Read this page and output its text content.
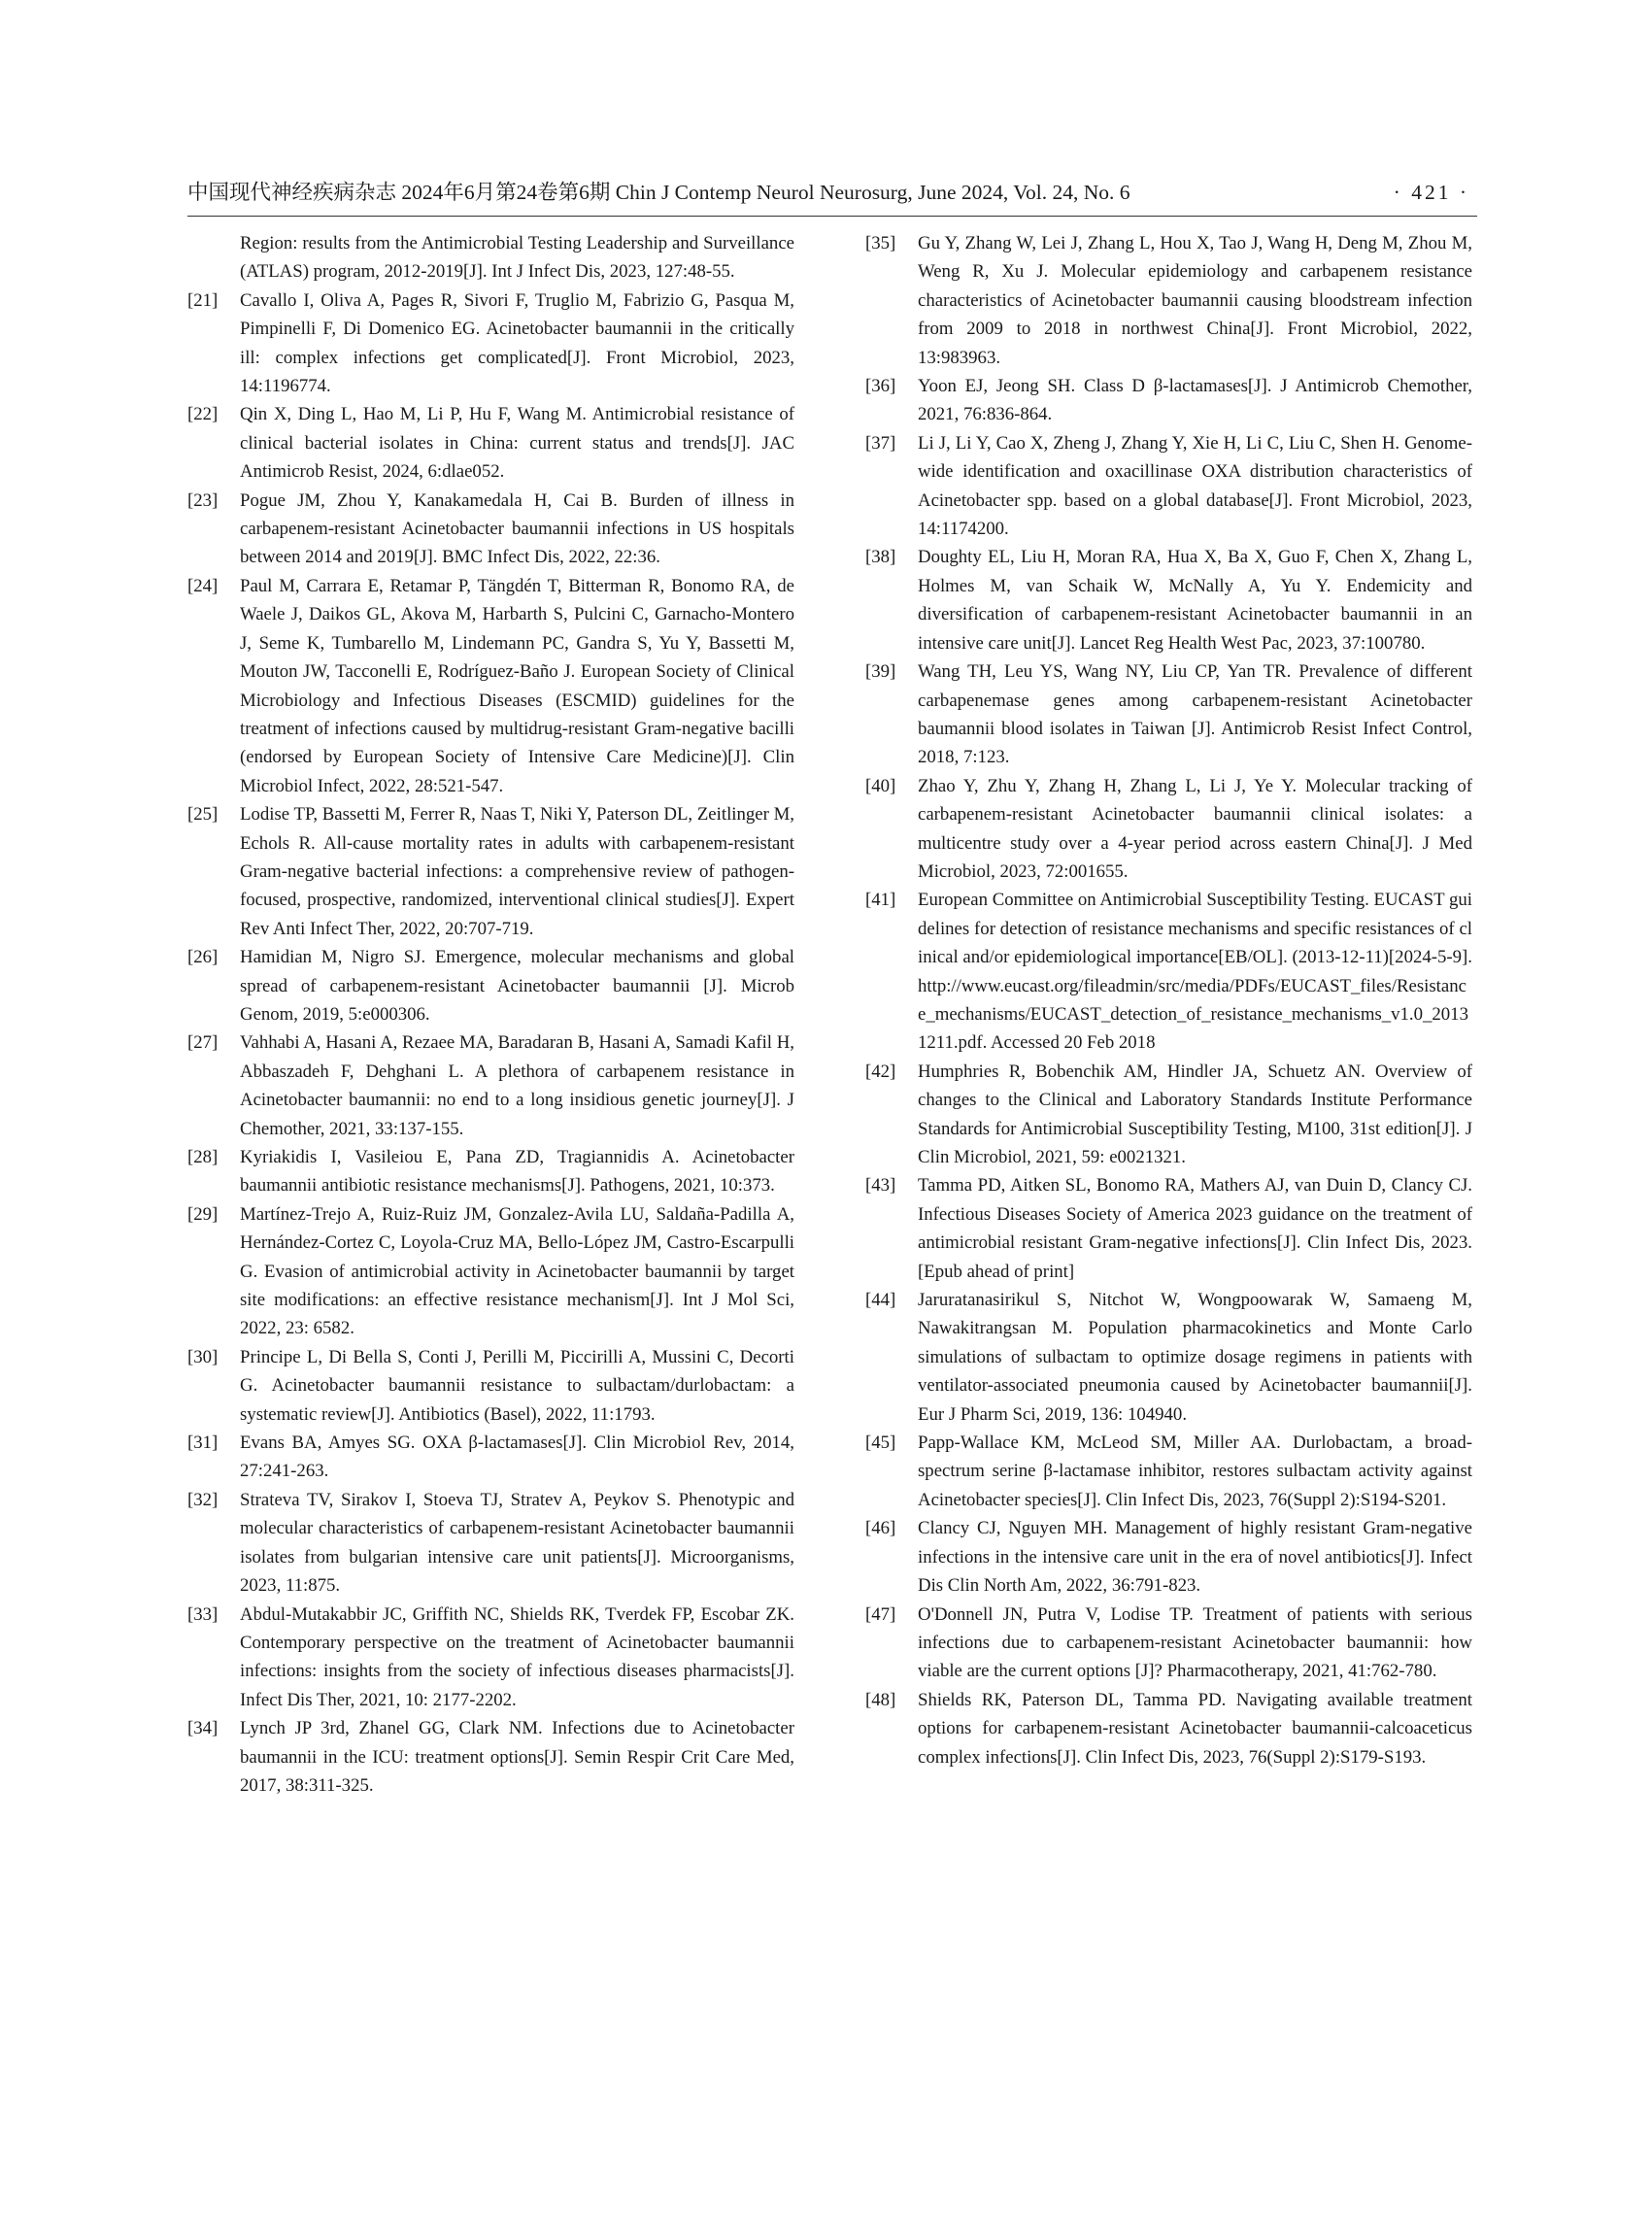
中国现代神经疾病杂志 2024年6月第24卷第6期 Chin J Contemp Neurol Neurosurg, June 2024, Vol. 24, No. 6	· 421 ·
Region: results from the Antimicrobial Testing Leadership and Surveillance (ATLAS) program, 2012-2019[J]. Int J Infect Dis, 2023, 127:48-55.
[21]	Cavallo I, Oliva A, Pages R, Sivori F, Truglio M, Fabrizio G, Pasqua M, Pimpinelli F, Di Domenico EG. Acinetobacter baumannii in the critically ill: complex infections get complicated[J]. Front Microbiol, 2023, 14:1196774.
[22]	Qin X, Ding L, Hao M, Li P, Hu F, Wang M. Antimicrobial resistance of clinical bacterial isolates in China: current status and trends[J]. JAC Antimicrob Resist, 2024, 6:dlae052.
[23]	Pogue JM, Zhou Y, Kanakamedala H, Cai B. Burden of illness in carbapenem-resistant Acinetobacter baumannii infections in US hospitals between 2014 and 2019[J]. BMC Infect Dis, 2022, 22:36.
[24]	Paul M, Carrara E, Retamar P, Tängdén T, Bitterman R, Bonomo RA, de Waele J, Daikos GL, Akova M, Harbarth S, Pulcini C, Garnacho-Montero J, Seme K, Tumbarello M, Lindemann PC, Gandra S, Yu Y, Bassetti M, Mouton JW, Tacconelli E, Rodríguez-Baño J. European Society of Clinical Microbiology and Infectious Diseases (ESCMID) guidelines for the treatment of infections caused by multidrug-resistant Gram-negative bacilli (endorsed by European Society of Intensive Care Medicine)[J]. Clin Microbiol Infect, 2022, 28:521-547.
[25]	Lodise TP, Bassetti M, Ferrer R, Naas T, Niki Y, Paterson DL, Zeitlinger M, Echols R. All-cause mortality rates in adults with carbapenem-resistant Gram-negative bacterial infections: a comprehensive review of pathogen-focused, prospective, randomized, interventional clinical studies[J]. Expert Rev Anti Infect Ther, 2022, 20:707-719.
[26]	Hamidian M, Nigro SJ. Emergence, molecular mechanisms and global spread of carbapenem-resistant Acinetobacter baumannii [J]. Microb Genom, 2019, 5:e000306.
[27]	Vahhabi A, Hasani A, Rezaee MA, Baradaran B, Hasani A, Samadi Kafil H, Abbaszadeh F, Dehghani L. A plethora of carbapenem resistance in Acinetobacter baumannii: no end to a long insidious genetic journey[J]. J Chemother, 2021, 33:137-155.
[28]	Kyriakidis I, Vasileiou E, Pana ZD, Tragiannidis A. Acinetobacter baumannii antibiotic resistance mechanisms[J]. Pathogens, 2021, 10:373.
[29]	Martínez-Trejo A, Ruiz-Ruiz JM, Gonzalez-Avila LU, Saldaña-Padilla A, Hernández-Cortez C, Loyola-Cruz MA, Bello-López JM, Castro-Escarpulli G. Evasion of antimicrobial activity in Acinetobacter baumannii by target site modifications: an effective resistance mechanism[J]. Int J Mol Sci, 2022, 23: 6582.
[30]	Principe L, Di Bella S, Conti J, Perilli M, Piccirilli A, Mussini C, Decorti G. Acinetobacter baumannii resistance to sulbactam/durlobactam: a systematic review[J]. Antibiotics (Basel), 2022, 11:1793.
[31]	Evans BA, Amyes SG. OXA β-lactamases[J]. Clin Microbiol Rev, 2014, 27:241-263.
[32]	Strateva TV, Sirakov I, Stoeva TJ, Stratev A, Peykov S. Phenotypic and molecular characteristics of carbapenem-resistant Acinetobacter baumannii isolates from bulgarian intensive care unit patients[J]. Microorganisms, 2023, 11:875.
[33]	Abdul-Mutakabbir JC, Griffith NC, Shields RK, Tverdek FP, Escobar ZK. Contemporary perspective on the treatment of Acinetobacter baumannii infections: insights from the society of infectious diseases pharmacists[J]. Infect Dis Ther, 2021, 10: 2177-2202.
[34]	Lynch JP 3rd, Zhanel GG, Clark NM. Infections due to Acinetobacter baumannii in the ICU: treatment options[J]. Semin Respir Crit Care Med, 2017, 38:311-325.
[35]	Gu Y, Zhang W, Lei J, Zhang L, Hou X, Tao J, Wang H, Deng M, Zhou M, Weng R, Xu J. Molecular epidemiology and carbapenem resistance characteristics of Acinetobacter baumannii causing bloodstream infection from 2009 to 2018 in northwest China[J]. Front Microbiol, 2022, 13:983963.
[36]	Yoon EJ, Jeong SH. Class D β-lactamases[J]. J Antimicrob Chemother, 2021, 76:836-864.
[37]	Li J, Li Y, Cao X, Zheng J, Zhang Y, Xie H, Li C, Liu C, Shen H. Genome-wide identification and oxacillinase OXA distribution characteristics of Acinetobacter spp. based on a global database[J]. Front Microbiol, 2023, 14:1174200.
[38]	Doughty EL, Liu H, Moran RA, Hua X, Ba X, Guo F, Chen X, Zhang L, Holmes M, van Schaik W, McNally A, Yu Y. Endemicity and diversification of carbapenem-resistant Acinetobacter baumannii in an intensive care unit[J]. Lancet Reg Health West Pac, 2023, 37:100780.
[39]	Wang TH, Leu YS, Wang NY, Liu CP, Yan TR. Prevalence of different carbapenemase genes among carbapenem-resistant Acinetobacter baumannii blood isolates in Taiwan [J]. Antimicrob Resist Infect Control, 2018, 7:123.
[40]	Zhao Y, Zhu Y, Zhang H, Zhang L, Li J, Ye Y. Molecular tracking of carbapenem-resistant Acinetobacter baumannii clinical isolates: a multicentre study over a 4-year period across eastern China[J]. J Med Microbiol, 2023, 72:001655.
[41]	European Committee on Antimicrobial Susceptibility Testing. EUCAST guidelines for detection of resistance mechanisms and specific resistances of clinical and/or epidemiological importance[EB/OL]. (2013-12-11)[2024-5-9]. http://www.eucast.org/fileadmin/src/media/PDFs/EUCAST_files/Resistance_mechanisms/EUCAST_detection_of_resistance_mechanisms_v1.0_20131211.pdf. Accessed 20 Feb 2018
[42]	Humphries R, Bobenchik AM, Hindler JA, Schuetz AN. Overview of changes to the Clinical and Laboratory Standards Institute Performance Standards for Antimicrobial Susceptibility Testing, M100, 31st edition[J]. J Clin Microbiol, 2021, 59: e0021321.
[43]	Tamma PD, Aitken SL, Bonomo RA, Mathers AJ, van Duin D, Clancy CJ. Infectious Diseases Society of America 2023 guidance on the treatment of antimicrobial resistant Gram-negative infections[J]. Clin Infect Dis, 2023.[Epub ahead of print]
[44]	Jaruratanasirikul S, Nitchot W, Wongpoowarak W, Samaeng M, Nawakitrangsan M. Population pharmacokinetics and Monte Carlo simulations of sulbactam to optimize dosage regimens in patients with ventilator-associated pneumonia caused by Acinetobacter baumannii[J]. Eur J Pharm Sci, 2019, 136: 104940.
[45]	Papp-Wallace KM, McLeod SM, Miller AA. Durlobactam, a broad-spectrum serine β-lactamase inhibitor, restores sulbactam activity against Acinetobacter species[J]. Clin Infect Dis, 2023, 76(Suppl 2):S194-S201.
[46]	Clancy CJ, Nguyen MH. Management of highly resistant Gram-negative infections in the intensive care unit in the era of novel antibiotics[J]. Infect Dis Clin North Am, 2022, 36:791-823.
[47]	O'Donnell JN, Putra V, Lodise TP. Treatment of patients with serious infections due to carbapenem-resistant Acinetobacter baumannii: how viable are the current options [J]? Pharmacotherapy, 2021, 41:762-780.
[48]	Shields RK, Paterson DL, Tamma PD. Navigating available treatment options for carbapenem-resistant Acinetobacter baumannii-calcoaceticus complex infections[J]. Clin Infect Dis, 2023, 76(Suppl 2):S179-S193.
